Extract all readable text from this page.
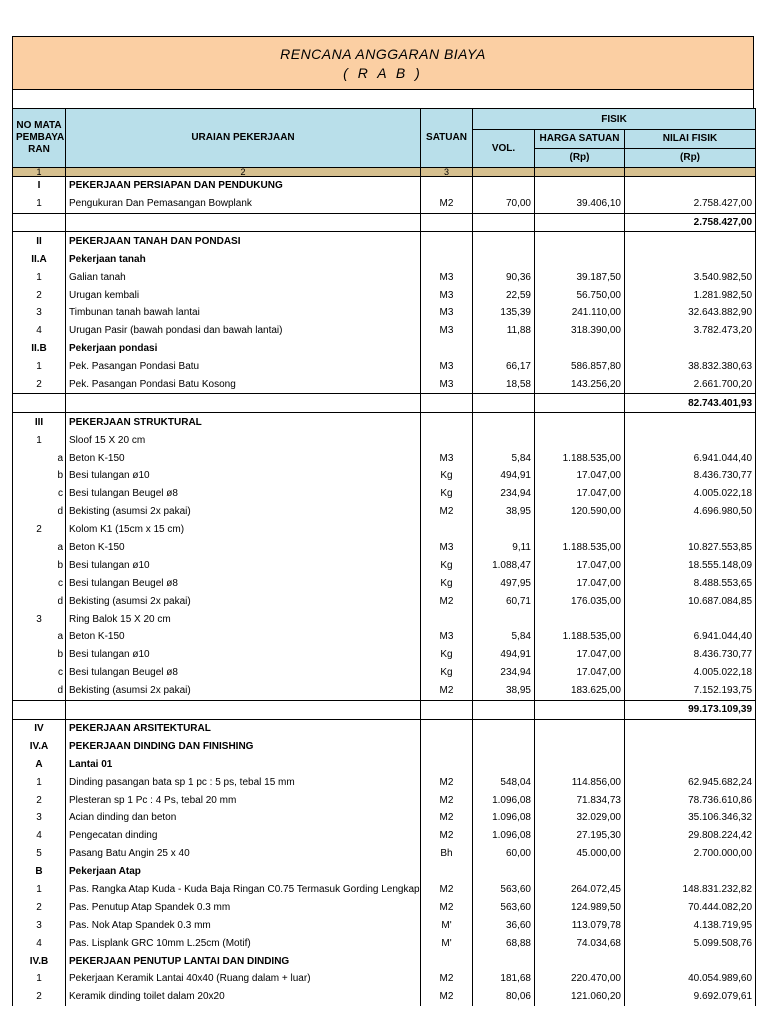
RENCANA ANGGARAN BIAYA
( R A B )
NO MATA PEMBAYA RAN	URAIAN PEKERJAAN	SATUAN	FISIK		
			VOL.	HARGA SATUAN	NILAI FISIK
				(Rp)	(Rp)
1	2	3			
I	PEKERJAAN PERSIAPAN DAN PENDUKUNG				
1	Pengukuran Dan Pemasangan Bowplank	M2	70,00	39.406,10	2.758.427,00
					2.758.427,00
II	PEKERJAAN TANAH DAN PONDASI				
II.A	Pekerjaan tanah				
1	Galian tanah	M3	90,36	39.187,50	3.540.982,50
2	Urugan kembali	M3	22,59	56.750,00	1.281.982,50
3	Timbunan tanah bawah lantai	M3	135,39	241.110,00	32.643.882,90
4	Urugan Pasir (bawah pondasi dan bawah lantai)	M3	11,88	318.390,00	3.782.473,20
II.B	Pekerjaan pondasi				
1	Pek. Pasangan Pondasi Batu	M3	66,17	586.857,80	38.832.380,63
2	Pek. Pasangan Pondasi Batu Kosong	M3	18,58	143.256,20	2.661.700,20
					82.743.401,93
III	PEKERJAAN STRUKTURAL				
1	Sloof 15 X 20 cm				
a	Beton K-150	M3	5,84	1.188.535,00	6.941.044,40
b	Besi tulangan ø10	Kg	494,91	17.047,00	8.436.730,77
c	Besi tulangan Beugel ø8	Kg	234,94	17.047,00	4.005.022,18
d	Bekisting (asumsi 2x pakai)	M2	38,95	120.590,00	4.696.980,50
2	Kolom K1 (15cm x 15 cm)				
a	Beton K-150	M3	9,11	1.188.535,00	10.827.553,85
b	Besi tulangan ø10	Kg	1.088,47	17.047,00	18.555.148,09
c	Besi tulangan Beugel ø8	Kg	497,95	17.047,00	8.488.553,65
d	Bekisting (asumsi 2x pakai)	M2	60,71	176.035,00	10.687.084,85
3	Ring Balok 15 X 20 cm				
a	Beton K-150	M3	5,84	1.188.535,00	6.941.044,40
b	Besi tulangan ø10	Kg	494,91	17.047,00	8.436.730,77
c	Besi tulangan Beugel ø8	Kg	234,94	17.047,00	4.005.022,18
d	Bekisting (asumsi 2x pakai)	M2	38,95	183.625,00	7.152.193,75
					99.173.109,39
IV	PEKERJAAN ARSITEKTURAL				
IV.A	PEKERJAAN DINDING DAN FINISHING				
A	Lantai 01				
1	Dinding pasangan bata sp 1 pc : 5 ps, tebal 15 mm	M2	548,04	114.856,00	62.945.682,24
2	Plesteran sp 1 Pc : 4 Ps, tebal 20 mm	M2	1.096,08	71.834,73	78.736.610,86
3	Acian dinding dan beton	M2	1.096,08	32.029,00	35.106.346,32
4	Pengecatan dinding	M2	1.096,08	27.195,30	29.808.224,42
5	Pasang Batu Angin 25 x 40	Bh	60,00	45.000,00	2.700.000,00
B	Pekerjaan Atap				
1	Pas. Rangka Atap Kuda - Kuda Baja Ringan C0.75 Termasuk Gording Lengkap	M2	563,60	264.072,45	148.831.232,82
2	Pas. Penutup Atap Spandek 0.3 mm	M2	563,60	124.989,50	70.444.082,20
3	Pas. Nok Atap Spandek 0.3 mm	M'	36,60	113.079,78	4.138.719,95
4	Pas. Lisplank GRC 10mm L.25cm (Motif)	M'	68,88	74.034,68	5.099.508,76
IV.B	PEKERJAAN PENUTUP LANTAI DAN DINDING				
1	Pekerjaan Keramik Lantai 40x40 (Ruang dalam + luar)	M2	181,68	220.470,00	40.054.989,60
2	Keramik dinding toilet dalam 20x20	M2	80,06	121.060,20	9.692.079,61
